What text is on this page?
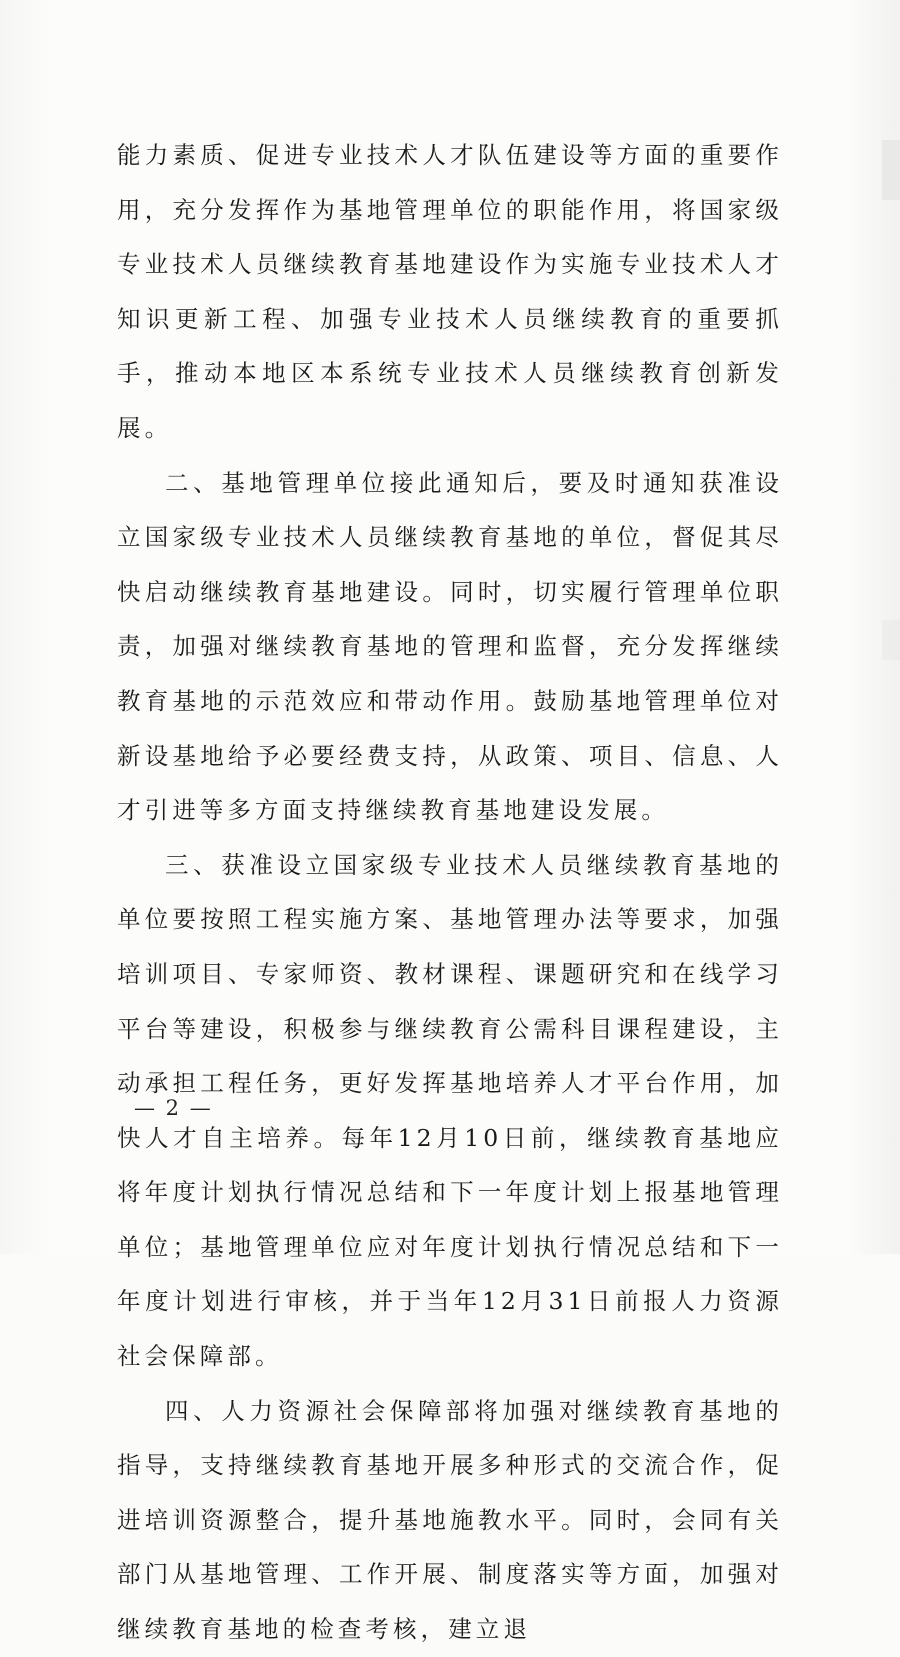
能力素质、促进专业技术人才队伍建设等方面的重要作用，充分发挥作为基地管理单位的职能作用，将国家级专业技术人员继续教育基地建设作为实施专业技术人才知识更新工程、加强专业技术人员继续教育的重要抓手，推动本地区本系统专业技术人员继续教育创新发展。

二、基地管理单位接此通知后，要及时通知获准设立国家级专业技术人员继续教育基地的单位，督促其尽快启动继续教育基地建设。同时，切实履行管理单位职责，加强对继续教育基地的管理和监督，充分发挥继续教育基地的示范效应和带动作用。鼓励基地管理单位对新设基地给予必要经费支持，从政策、项目、信息、人才引进等多方面支持继续教育基地建设发展。

三、获准设立国家级专业技术人员继续教育基地的单位要按照工程实施方案、基地管理办法等要求，加强培训项目、专家师资、教材课程、课题研究和在线学习平台等建设，积极参与继续教育公需科目课程建设，主动承担工程任务，更好发挥基地培养人才平台作用，加快人才自主培养。每年12月10日前，继续教育基地应将年度计划执行情况总结和下一年度计划上报基地管理单位；基地管理单位应对年度计划执行情况总结和下一年度计划进行审核，并于当年12月31日前报人力资源社会保障部。

四、人力资源社会保障部将加强对继续教育基地的指导，支持继续教育基地开展多种形式的交流合作，促进培训资源整合，提升基地施教水平。同时，会同有关部门从基地管理、工作开展、制度落实等方面，加强对继续教育基地的检查考核，建立退

— 2 —
